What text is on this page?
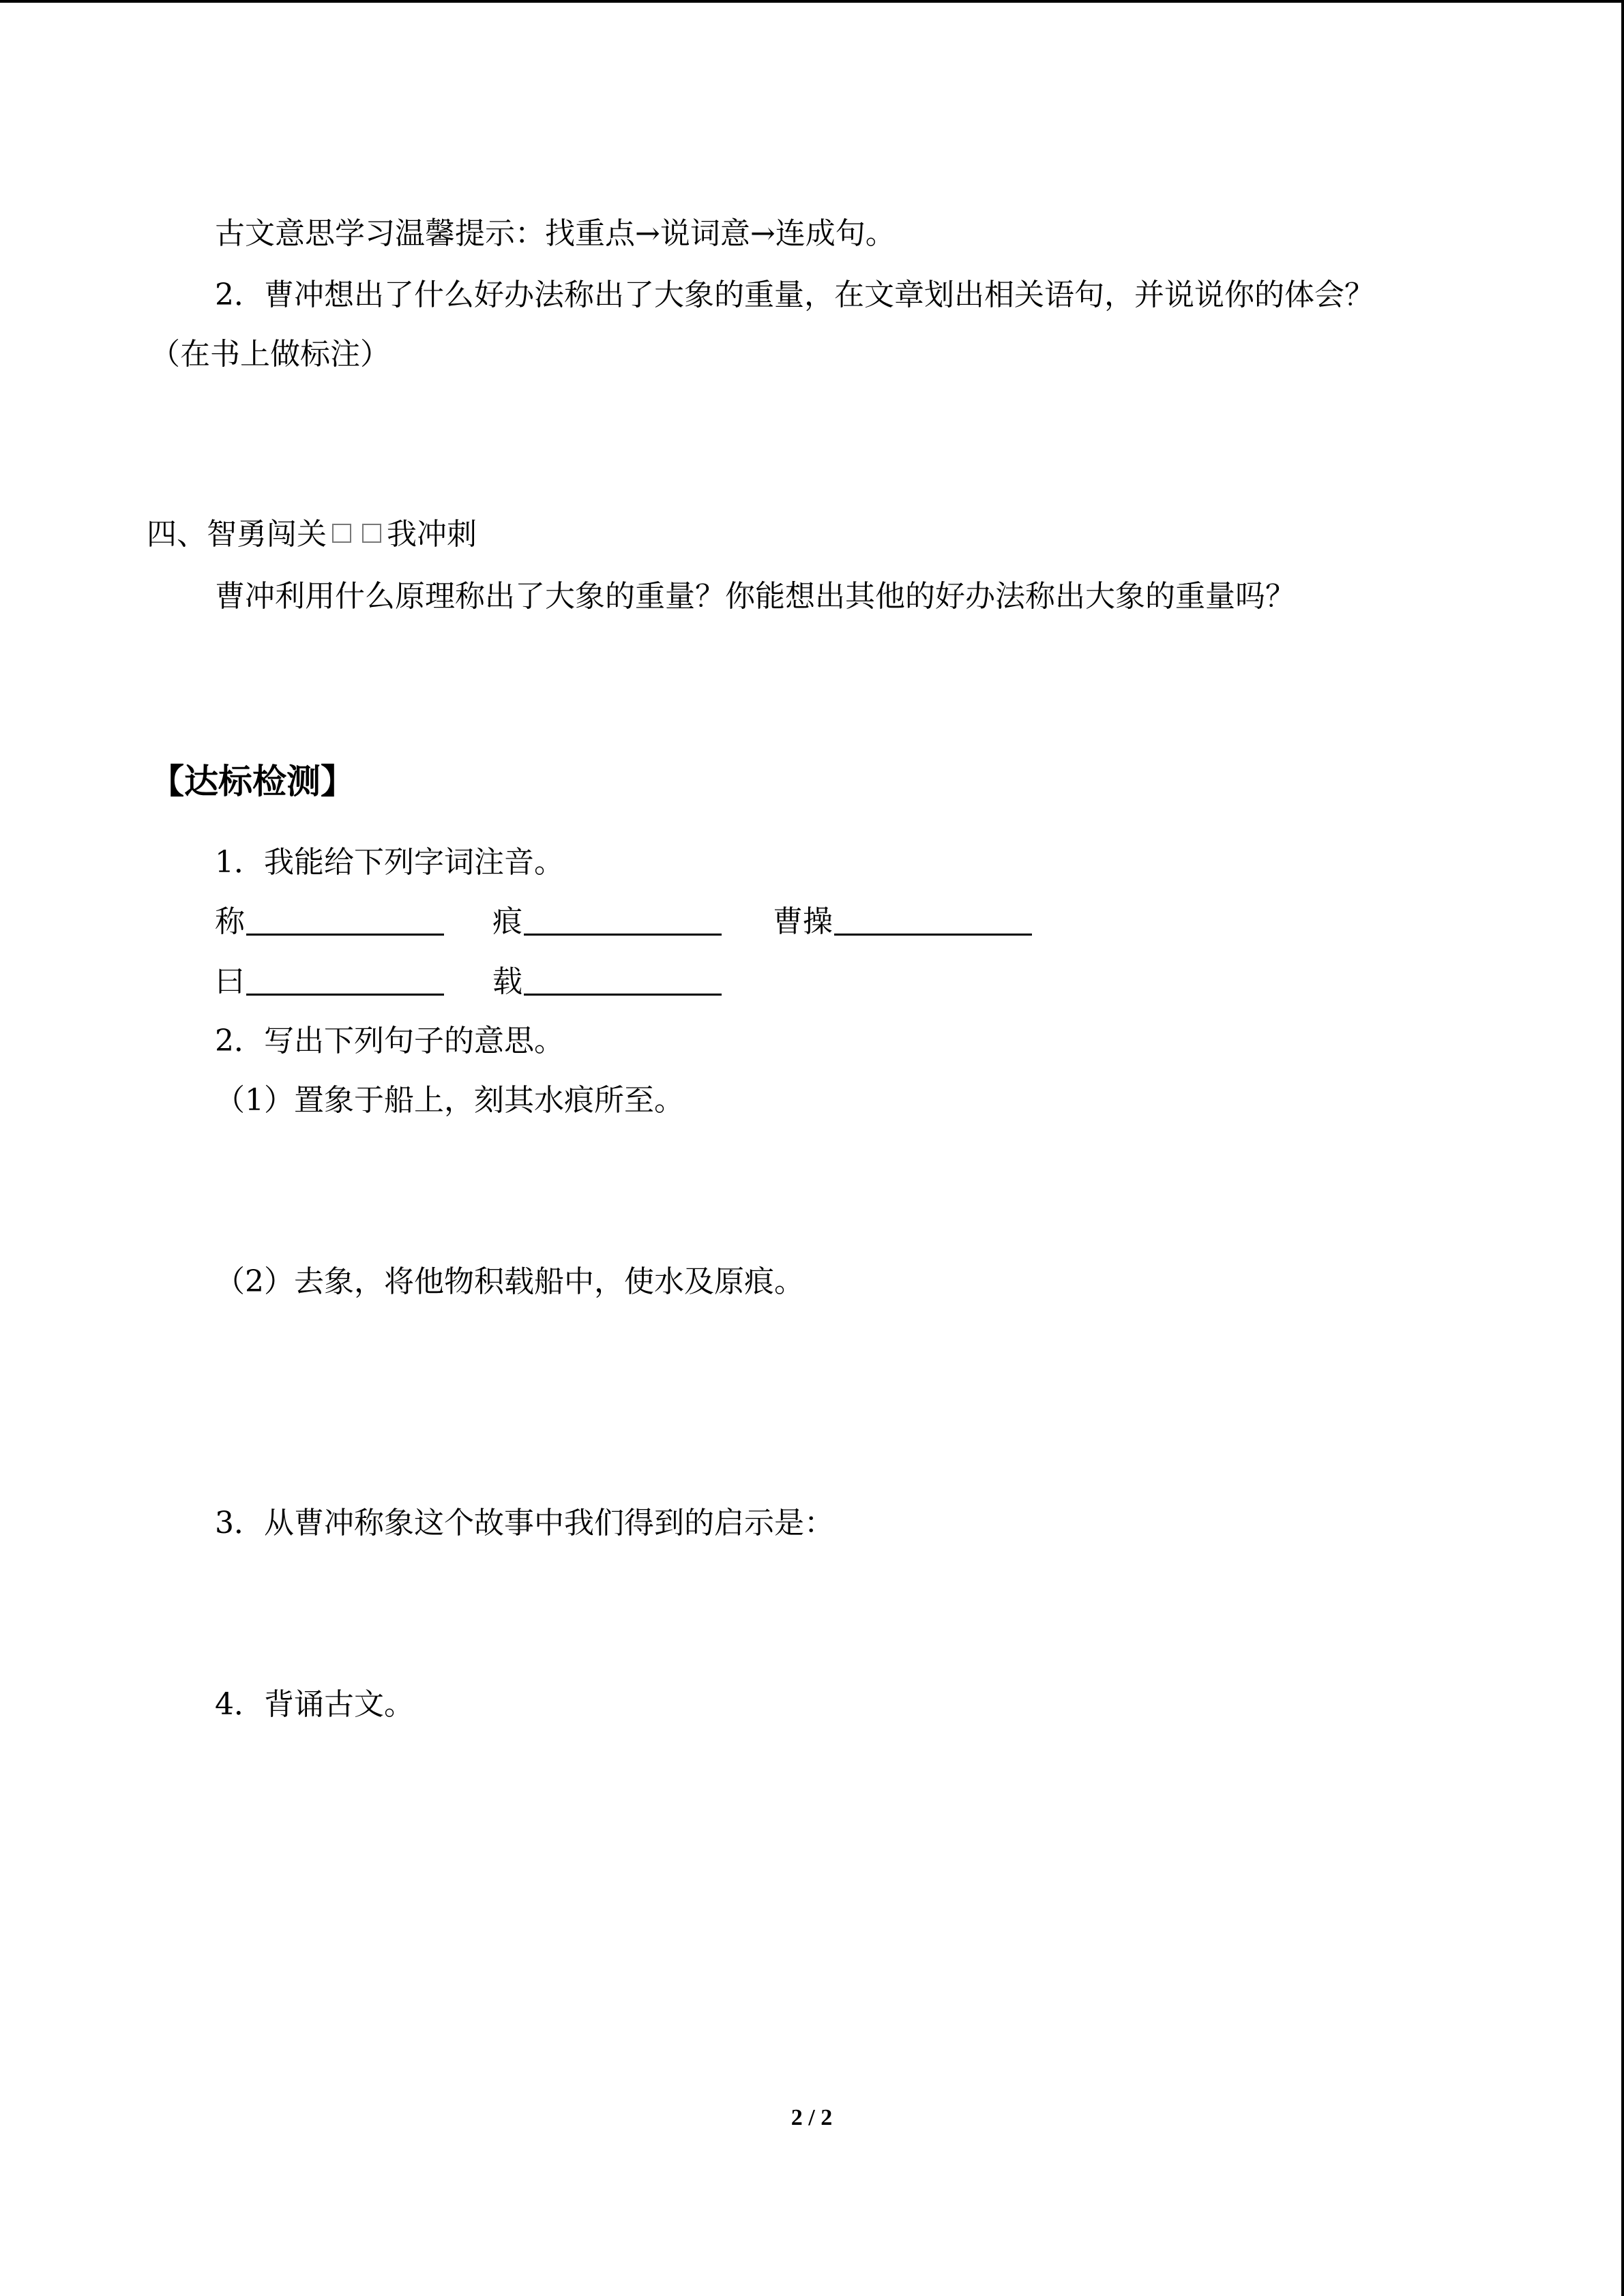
古文意思学习温馨提示：找重点→说词意→连成句。
2．曹冲想出了什么好办法称出了大象的重量，在文章划出相关语句，并说说你的体会？
（在书上做标注）
四、智勇闯关 我冲刺
曹冲利用什么原理称出了大象的重量？你能想出其他的好办法称出大象的重量吗？
【达标检测】
1．我能给下列字词注音。
称	痕	曹操
曰	载
2．写出下列句子的意思。
（1）置象于船上，刻其水痕所至。
（2）去象，将他物积载船中，使水及原痕。
3．从曹冲称象这个故事中我们得到的启示是：
4．背诵古文。
2 / 2
